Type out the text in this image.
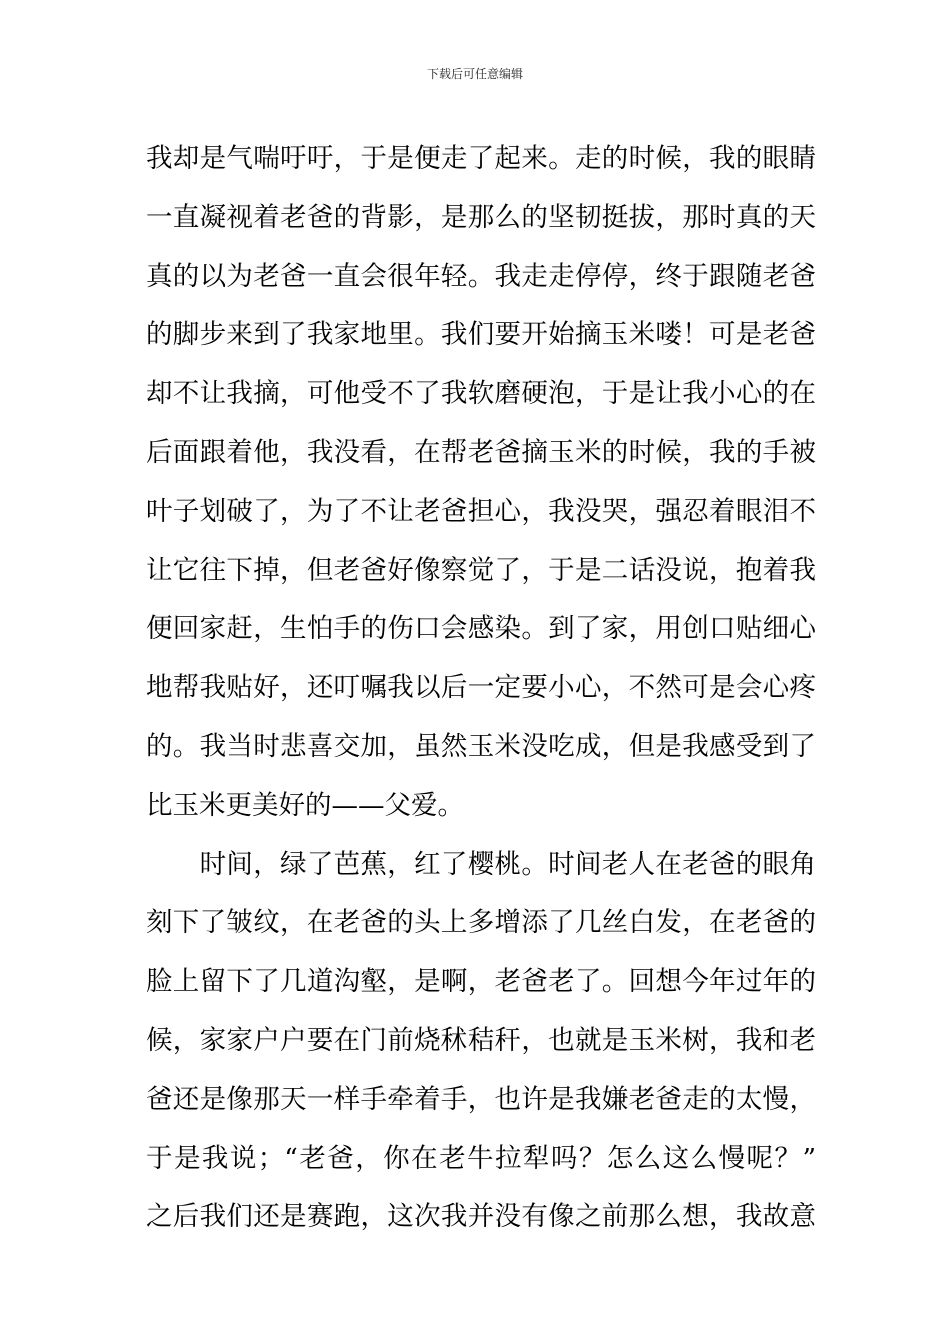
下载后可任意编辑
我却是气喘吁吁，于是便走了起来。走的时候，我的眼睛
一直凝视着老爸的背影，是那么的坚韧挺拔，那时真的天
真的以为老爸一直会很年轻。我走走停停，终于跟随老爸
的脚步来到了我家地里。我们要开始摘玉米喽！可是老爸
却不让我摘，可他受不了我软磨硬泡，于是让我小心的在
后面跟着他，我没看，在帮老爸摘玉米的时候，我的手被
叶子划破了，为了不让老爸担心，我没哭，强忍着眼泪不
让它往下掉，但老爸好像察觉了，于是二话没说，抱着我
便回家赶，生怕手的伤口会感染。到了家，用创口贴细心
地帮我贴好，还叮嘱我以后一定要小心，不然可是会心疼
的。我当时悲喜交加，虽然玉米没吃成，但是我感受到了
比玉米更美好的——父爱。
　　时间，绿了芭蕉，红了樱桃。时间老人在老爸的眼角
刻下了皱纹，在老爸的头上多增添了几丝白发，在老爸的
脸上留下了几道沟壑，是啊，老爸老了。回想今年过年的
候，家家户户要在门前烧秫秸秆，也就是玉米树，我和老
爸还是像那天一样手牵着手，也许是我嫌老爸走的太慢，
于是我说；“老爸，你在老牛拉犁吗？怎么这么慢呢？”
之后我们还是赛跑，这次我并没有像之前那么想，我故意
